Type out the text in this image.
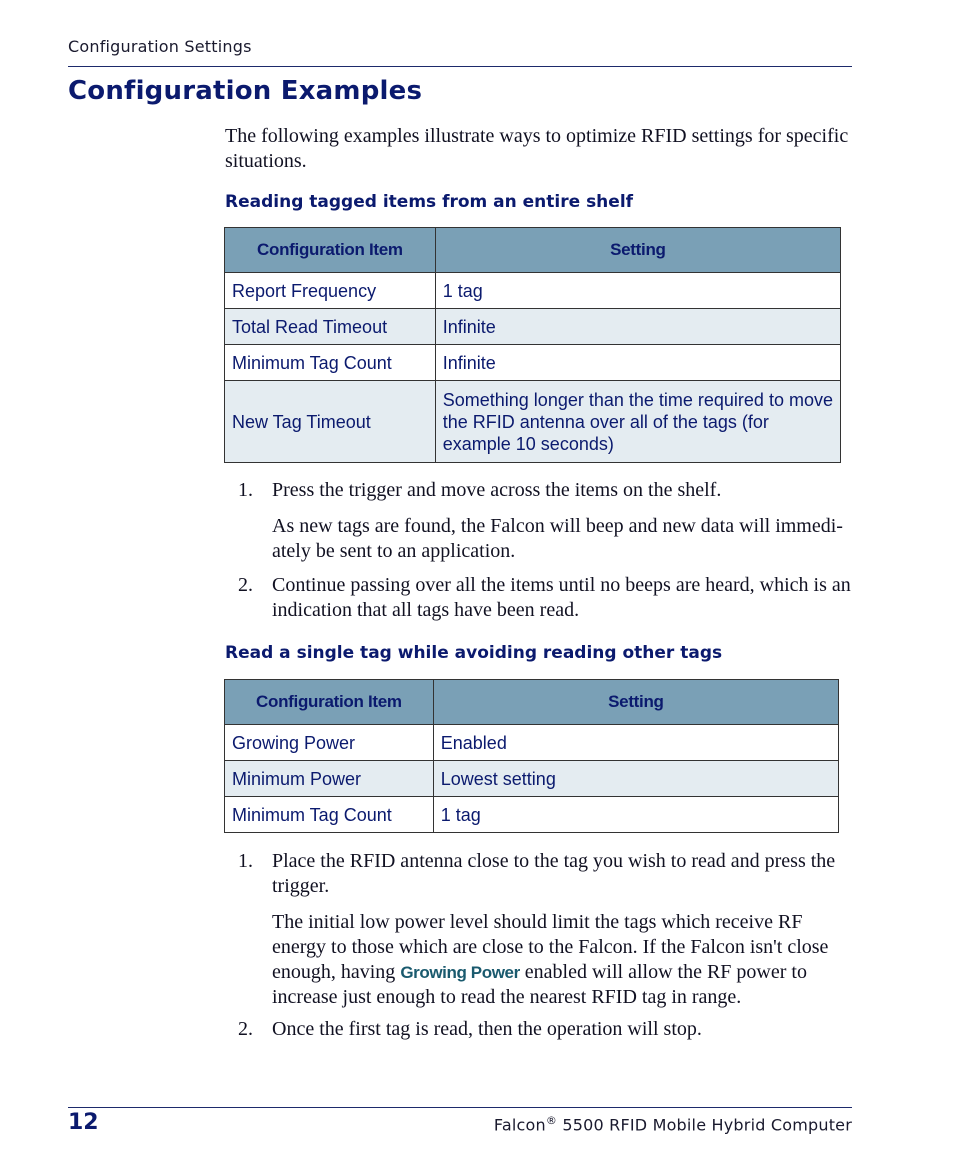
Configuration Settings
Configuration Examples
The following examples illustrate ways to optimize RFID settings for specific situations.
Reading tagged items from an entire shelf
Configuration Item	Setting
Report Frequency	1 tag
Total Read Timeout	Infinite
Minimum Tag Count	Infinite
New Tag Timeout	Something longer than the time required to move the RFID antenna over all of the tags (for example 10 seconds)
1. Press the trigger and move across the items on the shelf.
As new tags are found, the Falcon will beep and new data will immedi- ately be sent to an application.
2. Continue passing over all the items until no beeps are heard, which is an indication that all tags have been read.
Read a single tag while avoiding reading other tags
Configuration Item	Setting
Growing Power	Enabled
Minimum Power	Lowest setting
Minimum Tag Count	1 tag
1. Place the RFID antenna close to the tag you wish to read and press the trigger.
The initial low power level should limit the tags which receive RF energy to those which are close to the Falcon. If the Falcon isn't close enough, having Growing Power enabled will allow the RF power to increase just enough to read the nearest RFID tag in range.
2. Once the first tag is read, then the operation will stop.
12	Falcon® 5500 RFID Mobile Hybrid Computer
